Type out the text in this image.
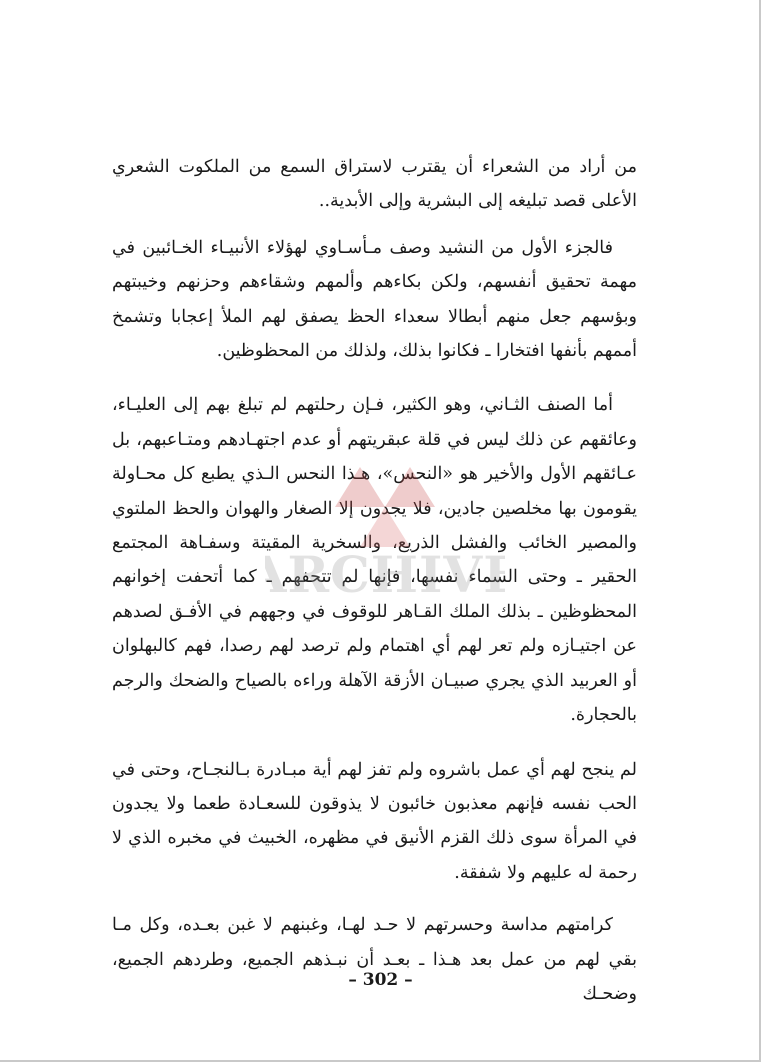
من أراد من الشعراء أن يقترب لاستراق السمع من الملكوت الشعري الأعلى قصد تبليغه إلى البشرية وإلى الأبدية..

فالجزء الأول من النشيد وصف مـأسـاوي لهؤلاء الأنبيـاء الخـائبين في مهمة تحقيق أنفسهم، ولكن بكاءهم وألمهم وشقاءهم وحزنهم وخيبتهم وبؤسهم جعل منهم أبطالا سعداء الحظ يصفق لهم الملأ إعجابا وتشمخ أممهم بأنفها افتخارا ـ فكانوا بذلك، ولذلك من المحظوظين.

أما الصنف الثـاني، وهو الكثير، فـإن رحلتهم لم تبلغ بهم إلى العليـاء، وعائقهم عن ذلك ليس في قلة عبقريتهم أو عدم اجتهـادهم ومتـاعبهم، بل عـائقهم الأول والأخير هو «النحس»، هـذا النحس الـذي يطبع كل محـاولة يقومون بها مخلصين جادين، فلا يجدون إلا الصغار والهوان والحظ الملتوي والمصير الخائب والفشل الذريع، والسخرية المقيتة وسفـاهة المجتمع الحقير ـ وحتى السماء نفسها، فإنها لم تتحفهم ـ كما أتحفت إخوانهم المحظوظين ـ بذلك الملك القـاهر للوقوف في وجههم في الأفـق لصدهم عن اجتيـازه ولم تعر لهم أي اهتمام ولم ترصد لهم رصدا، فهم كالبهلوان أو العربيد الذي يجري صبيـان الأزقة الآهلة وراءه بالصياح والضحك والرجم بالحجارة.

لم ينجح لهم أي عمل باشروه ولم تفز لهم أية مبـادرة بـالنجـاح، وحتى في الحب نفسه فإنهم معذبون خائبون لا يذوقون للسعـادة طعما ولا يجدون في المرأة سوى ذلك القزم الأنيق في مظهره، الخبيث في مخبره الذي لا رحمة له عليهم ولا شفقة.

كرامتهم مداسة وحسرتهم لا حـد لهـا، وغبنهم لا غبن بعـده، وكل مـا بقي لهم من عمل بعد هـذا ـ بعـد أن نبـذهم الجميع، وطردهم الجميع، وضحـك

ARCHIVE
– 302 –
